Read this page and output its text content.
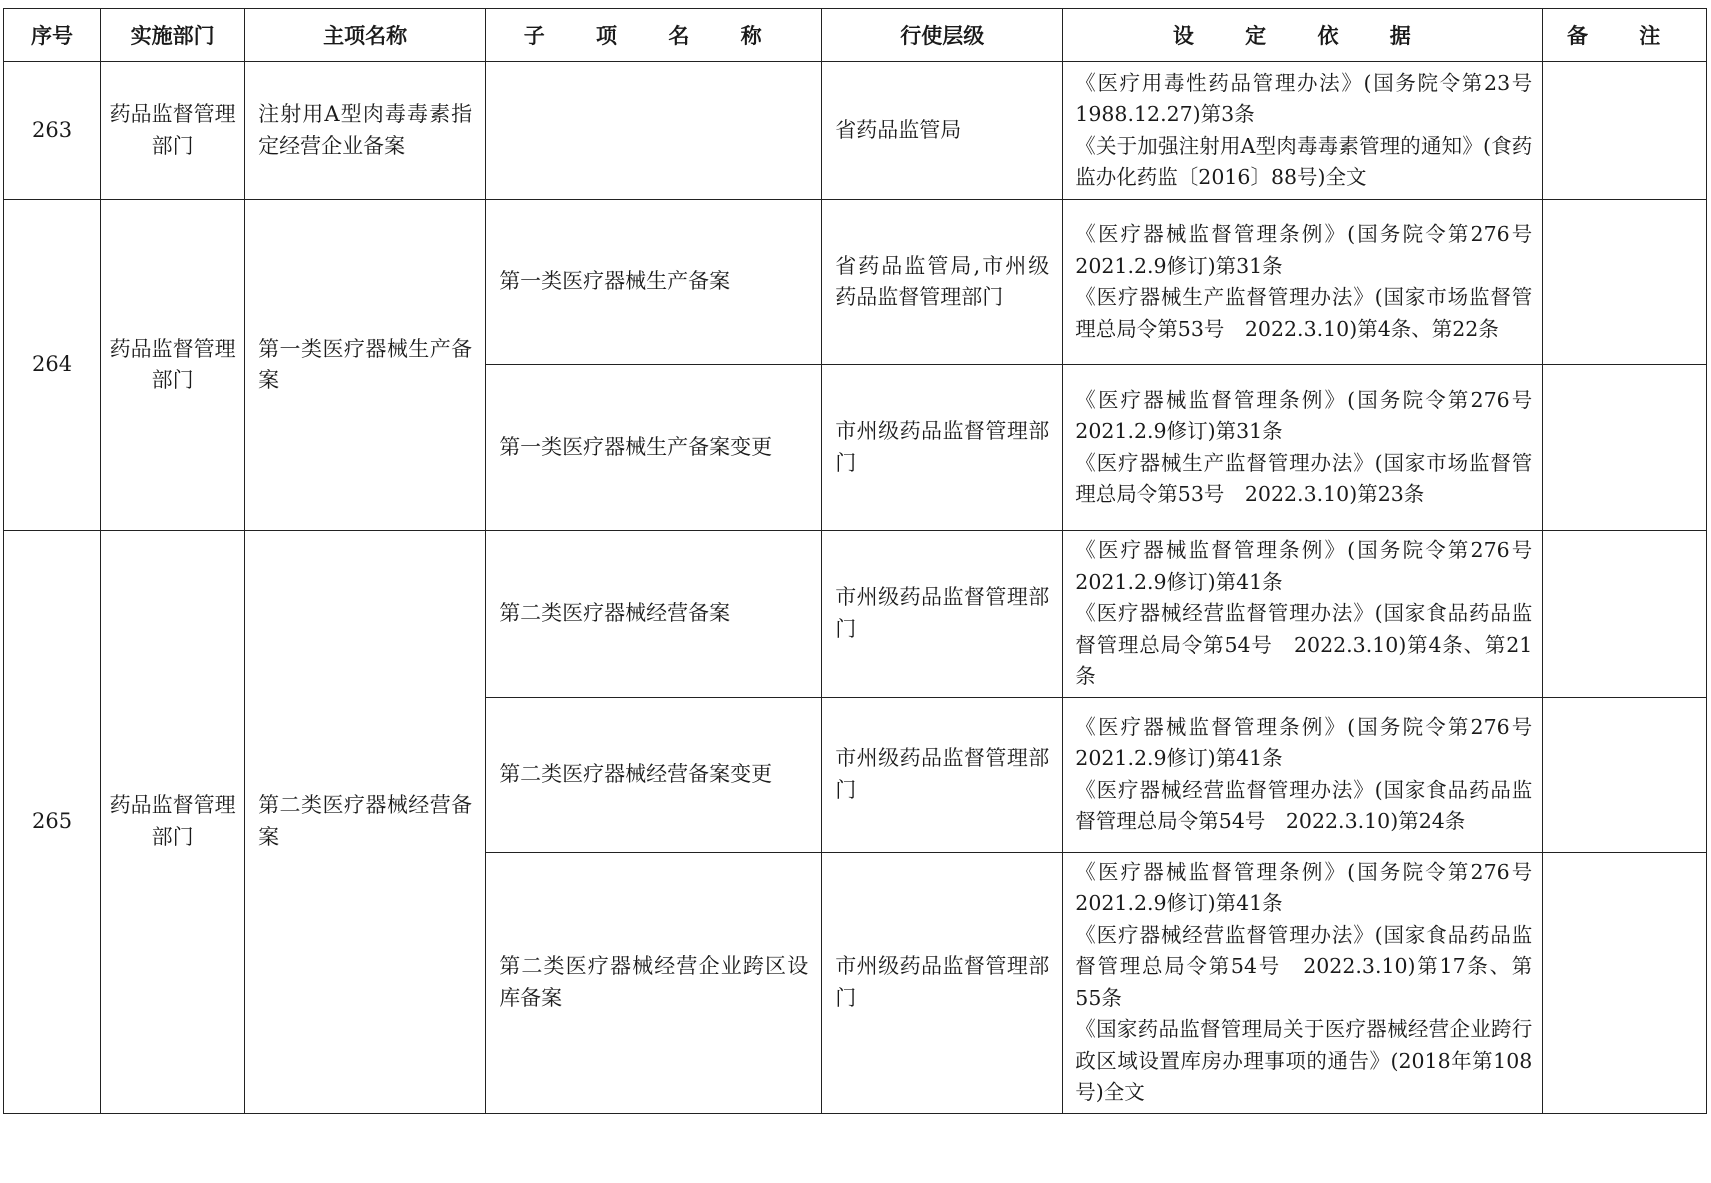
序号	实施部门	主项名称	子 项 名 称	行使层级	设 定 依 据	备 注
263	药品监督管理部门	注射用A型肉毒毒素指定经营企业备案		省药品监管局	《医疗用毒性药品管理办法》(国务院令第23号　1988.12.27)第3条
《关于加强注射用A型肉毒毒素管理的通知》(食药监办化药监〔2016〕88号)全文	

264	药品监督管理部门	第一类医疗器械生产备案	第一类医疗器械生产备案	省药品监管局,市州级药品监督管理部门	《医疗器械监督管理条例》(国务院令第276号　2021.2.9修订)第31条
《医疗器械生产监督管理办法》(国家市场监督管理总局令第53号　2022.3.10)第4条、第22条	

			第一类医疗器械生产备案变更	市州级药品监督管理部门	《医疗器械监督管理条例》(国务院令第276号　2021.2.9修订)第31条
《医疗器械生产监督管理办法》(国家市场监督管理总局令第53号　2022.3.10)第23条	

265	药品监督管理部门	第二类医疗器械经营备案	第二类医疗器械经营备案	市州级药品监督管理部门	《医疗器械监督管理条例》(国务院令第276号　2021.2.9修订)第41条
《医疗器械经营监督管理办法》(国家食品药品监督管理总局令第54号　2022.3.10)第4条、第21条	

			第二类医疗器械经营备案变更	市州级药品监督管理部门	《医疗器械监督管理条例》(国务院令第276号　2021.2.9修订)第41条
《医疗器械经营监督管理办法》(国家食品药品监督管理总局令第54号　2022.3.10)第24条	

			第二类医疗器械经营企业跨区设库备案	市州级药品监督管理部门	《医疗器械监督管理条例》(国务院令第276号　2021.2.9修订)第41条
《医疗器械经营监督管理办法》(国家食品药品监督管理总局令第54号　2022.3.10)第17条、第55条
《国家药品监督管理局关于医疗器械经营企业跨行政区域设置库房办理事项的通告》(2018年第108号)全文	
